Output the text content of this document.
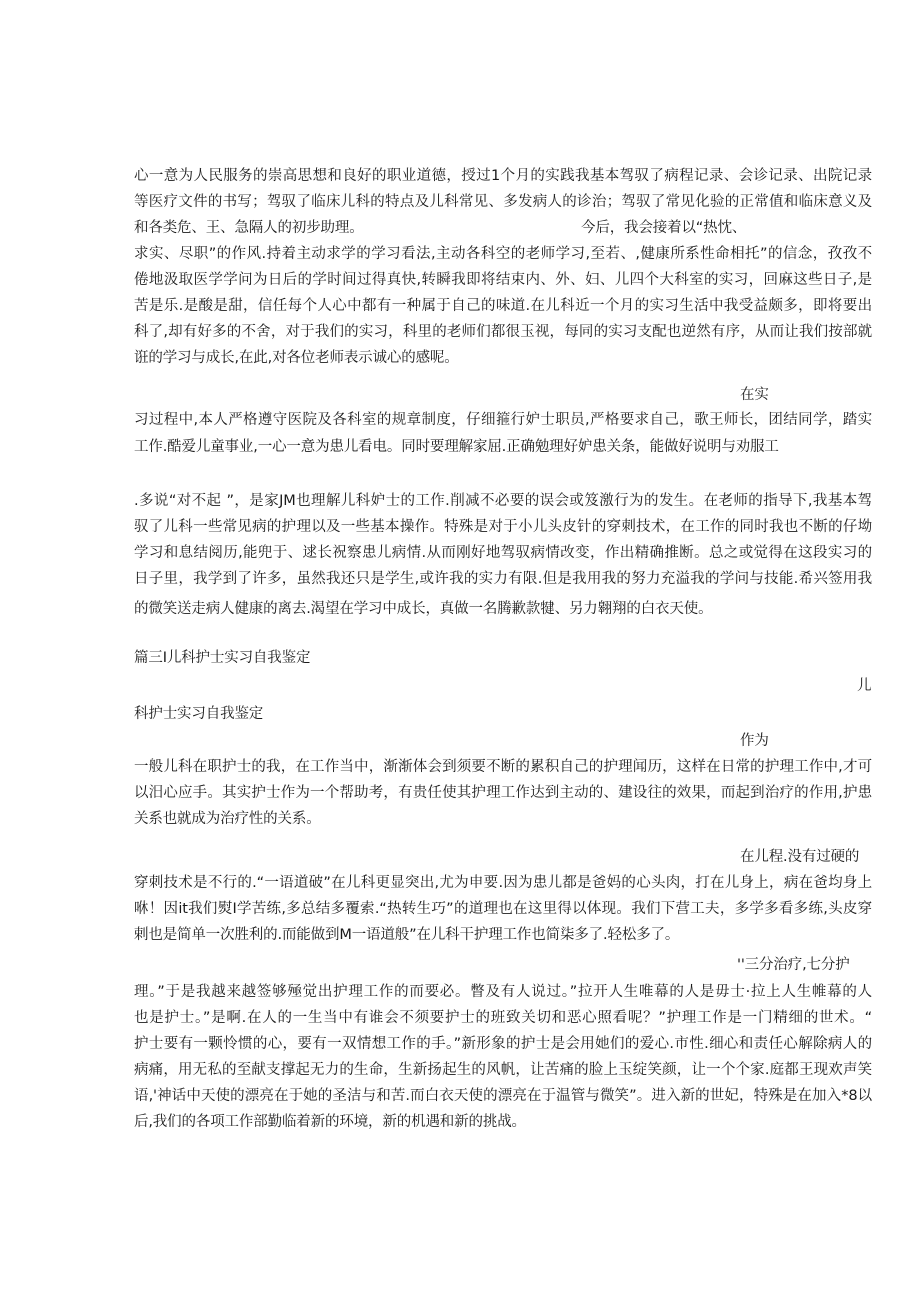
心一意为人民服务的崇高思想和良好的职业道德，授过1个月的实践我基本驾驭了病程记录、会诊记录、出院记录
等医疗文件的书写；驾驭了临床儿科的特点及儿科常见、多发病人的诊治；驾驭了常见化验的正常值和临床意义及
和各类危、王、急隔人的初步助理。	今后，我会接着以“热忱、
求实、尽职”的作风.持着主动求学的学习看法,主动各科空的老师学习,至若、,健康所系性命相托”的信念，孜孜不
倦地汲取医学学问为日后的学时间过得真快,转瞬我即将结束内、外、妇、儿四个大科室的实习，回麻这些日子,是
苦是乐.是酸是甜，信任每个人心中都有一种属于自己的味道.在儿科近一个月的实习生活中我受益颇多，即将要出
科了,却有好多的不舍，对于我们的实习，科里的老师们都很玉视，每同的实习支配也逆然有序，从而让我们按部就
诳的学习与成长,在此,对各位老师表示诚心的感呢。
在实
习过程中,本人严格遵守医院及各科室的规章制度，仔细箍行妒士职员,严格要求自己，歌王师长，团结同学，踏实
工作.酷爱儿童事业,一心一意为患儿看电。同时要理解家屈.正确勉理好妒患关条，能做好说明与劝服工
.多说“对不起 ”，是家JM也理解儿科妒士的工作.削减不必要的误会或笈激行为的发生。在老师的指导下,我基本驾
驭了儿科一些常见病的护理以及一些基本操作。特殊是对于小儿头皮针的穿刺技术，在工作的同时我也不断的仔坳
学习和息结阅历,能兜于、逑长祝察患儿病情.从而刚好地驾驭病情改变，作出精确推断。总之或觉得在这段实习的
日子里，我学到了许多，虽然我还只是学生,或许我的实力有限.但是我用我的努力充溢我的学问与技能.希兴签用我
的微笑送走病人健康的离去.渴望在学习中成长，真做一名腾歉款犍、另力翱翔的白衣天使。
篇三I儿科护士实习自我鉴定
儿
科护士实习自我鉴定
作为
一般儿科在职护士的我，在工作当中，渐渐体会到须要不断的累积自己的护理闻历，这样在日常的护理工作中,才可
以汨心应手。其实护士作为一个帮助考，有贵任使其护理工作达到主动的、建设往的效果，而起到治疗的作用,护患
关系也就成为治疗性的关系。
在儿程.没有过硬的
穿刺技术是不行的.“一语道破”在儿科更显突出,尤为申要.因为患儿都是爸妈的心头肉，打在儿身上，病在爸均身上
咻！因it我们熨I学苦练,多总结多覆索.“热转生巧”的道理也在这里得以体现。我们下营工夫，多学多看多练,头皮穿
剌也是简单一次胜利的.而能做到M一语道般”在儿科干护理工作也简柒多了.轻松多了。
''三分治疗,七分护
理。”于是我越来越签够殛觉出护理工作的而要必。瞥及有人说过。”拉开人生唯幕的人是毋士·拉上人生帷幕的人
也是护士。”是啊.在人的一生当中有谁会不须要护士的班致关切和恶心照看呢？”护理工作是一门精细的世术。“
护士要有一颗怜惯的心，要有一双情想工作的手。”新形象的护士是会用她们的爱心.市性.细心和责任心解除病人的
病痛，用无私的至献支撑起无力的生命，生新扬起生的风帆，让苦痛的脸上玉绽笑颜，让一个个家.庭都王现欢声笑
语,'神话中天使的漂亮在于她的圣洁与和苦.而白衣天使的漂亮在于温管与微笑”。进入新的世妃，特殊是在加入*8以
后,我们的各项工作部勤临着新的环境，新的机遇和新的挑战。
